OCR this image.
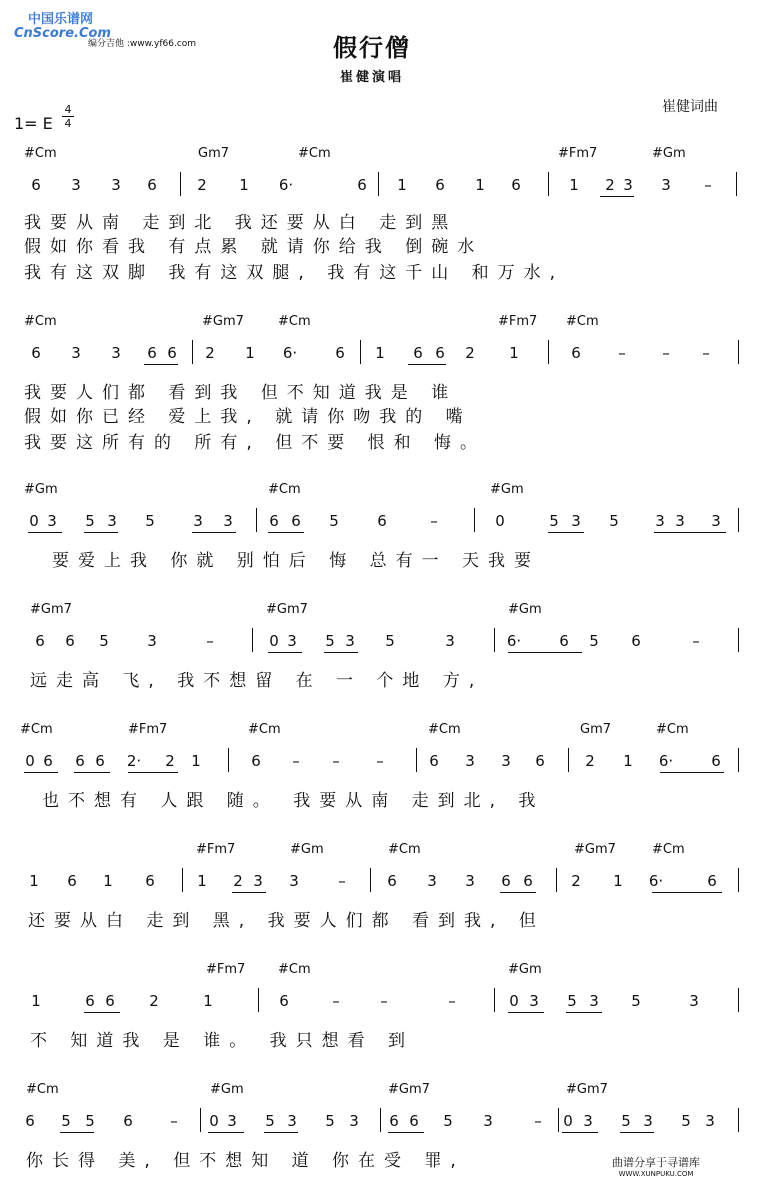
中国乐谱网
CnScore.Com
编分吉他 :www.yf66.com	假行僧
崔健演唱
崔健词曲
1= E
4
4
#Cm	Gm7	#Cm	#Fm7	#Gm
6 3 3 6	2 1 6·	6 1 6 1 6	1 2 3 3 –
我要从南 走到北 我还要从白 走到黑
假如你看我 有点累 就请你给我 倒碗水
我有这双脚 我有这双腿, 我有这千山 和万水,
#Cm	#Gm7	#Cm	#Fm7 #Cm
6 3 3 6 6 2 1 6·	6 1 6 6 2 1	6 – – –
我要人们都 看到我 但不知道我是 谁
假如你已经 爱上我, 就请你吻我的 嘴
我要这所有的 所有, 但不要 恨和 悔。
#Gm	#Cm	#Gm
0 3 5 3 5	3 3 6 6 5	6	–	0	5 3 5 3 3 3
要爱上我 你就 别怕后 悔 总有一 天我要
#Gm7	#Gm7	#Gm
6 6 5	3	–	0 3 5 3 5	3	6·	6 5 6	–
远走高 飞, 我不想留 在 一 个地 方,
#Cm	#Fm7	#Cm	#Cm	Gm7	#Cm
0 6 6 6 2· 2 1	6 – – –	6 3 3 6	2 1 6·	6
也不想有 人跟 随。 我要从南 走到北, 我
#Fm7	#Gm	#Cm	#Gm7	#Cm
1 6 1 6	1 2 3 3	–	6 3 3 6 6	2 1 6·	6
还要从白 走到 黑, 我要人们都 看到我, 但
#Fm7	#Cm	#Gm
1	6 6 2	1	6	–	–	–	0 3 5 3 5	3
不 知道我 是 谁。 我只想看 到
#Cm	#Gm	#Gm7	#Gm7
6 5 5 6 – 0 3 5 3 5 3 6 6 5 3	– 0 3 5 3 5 3
你长得 美, 但不想知 道 你在受 罪,	曲谱分享于寻谱库
WWW.XUNPUKU.COM
